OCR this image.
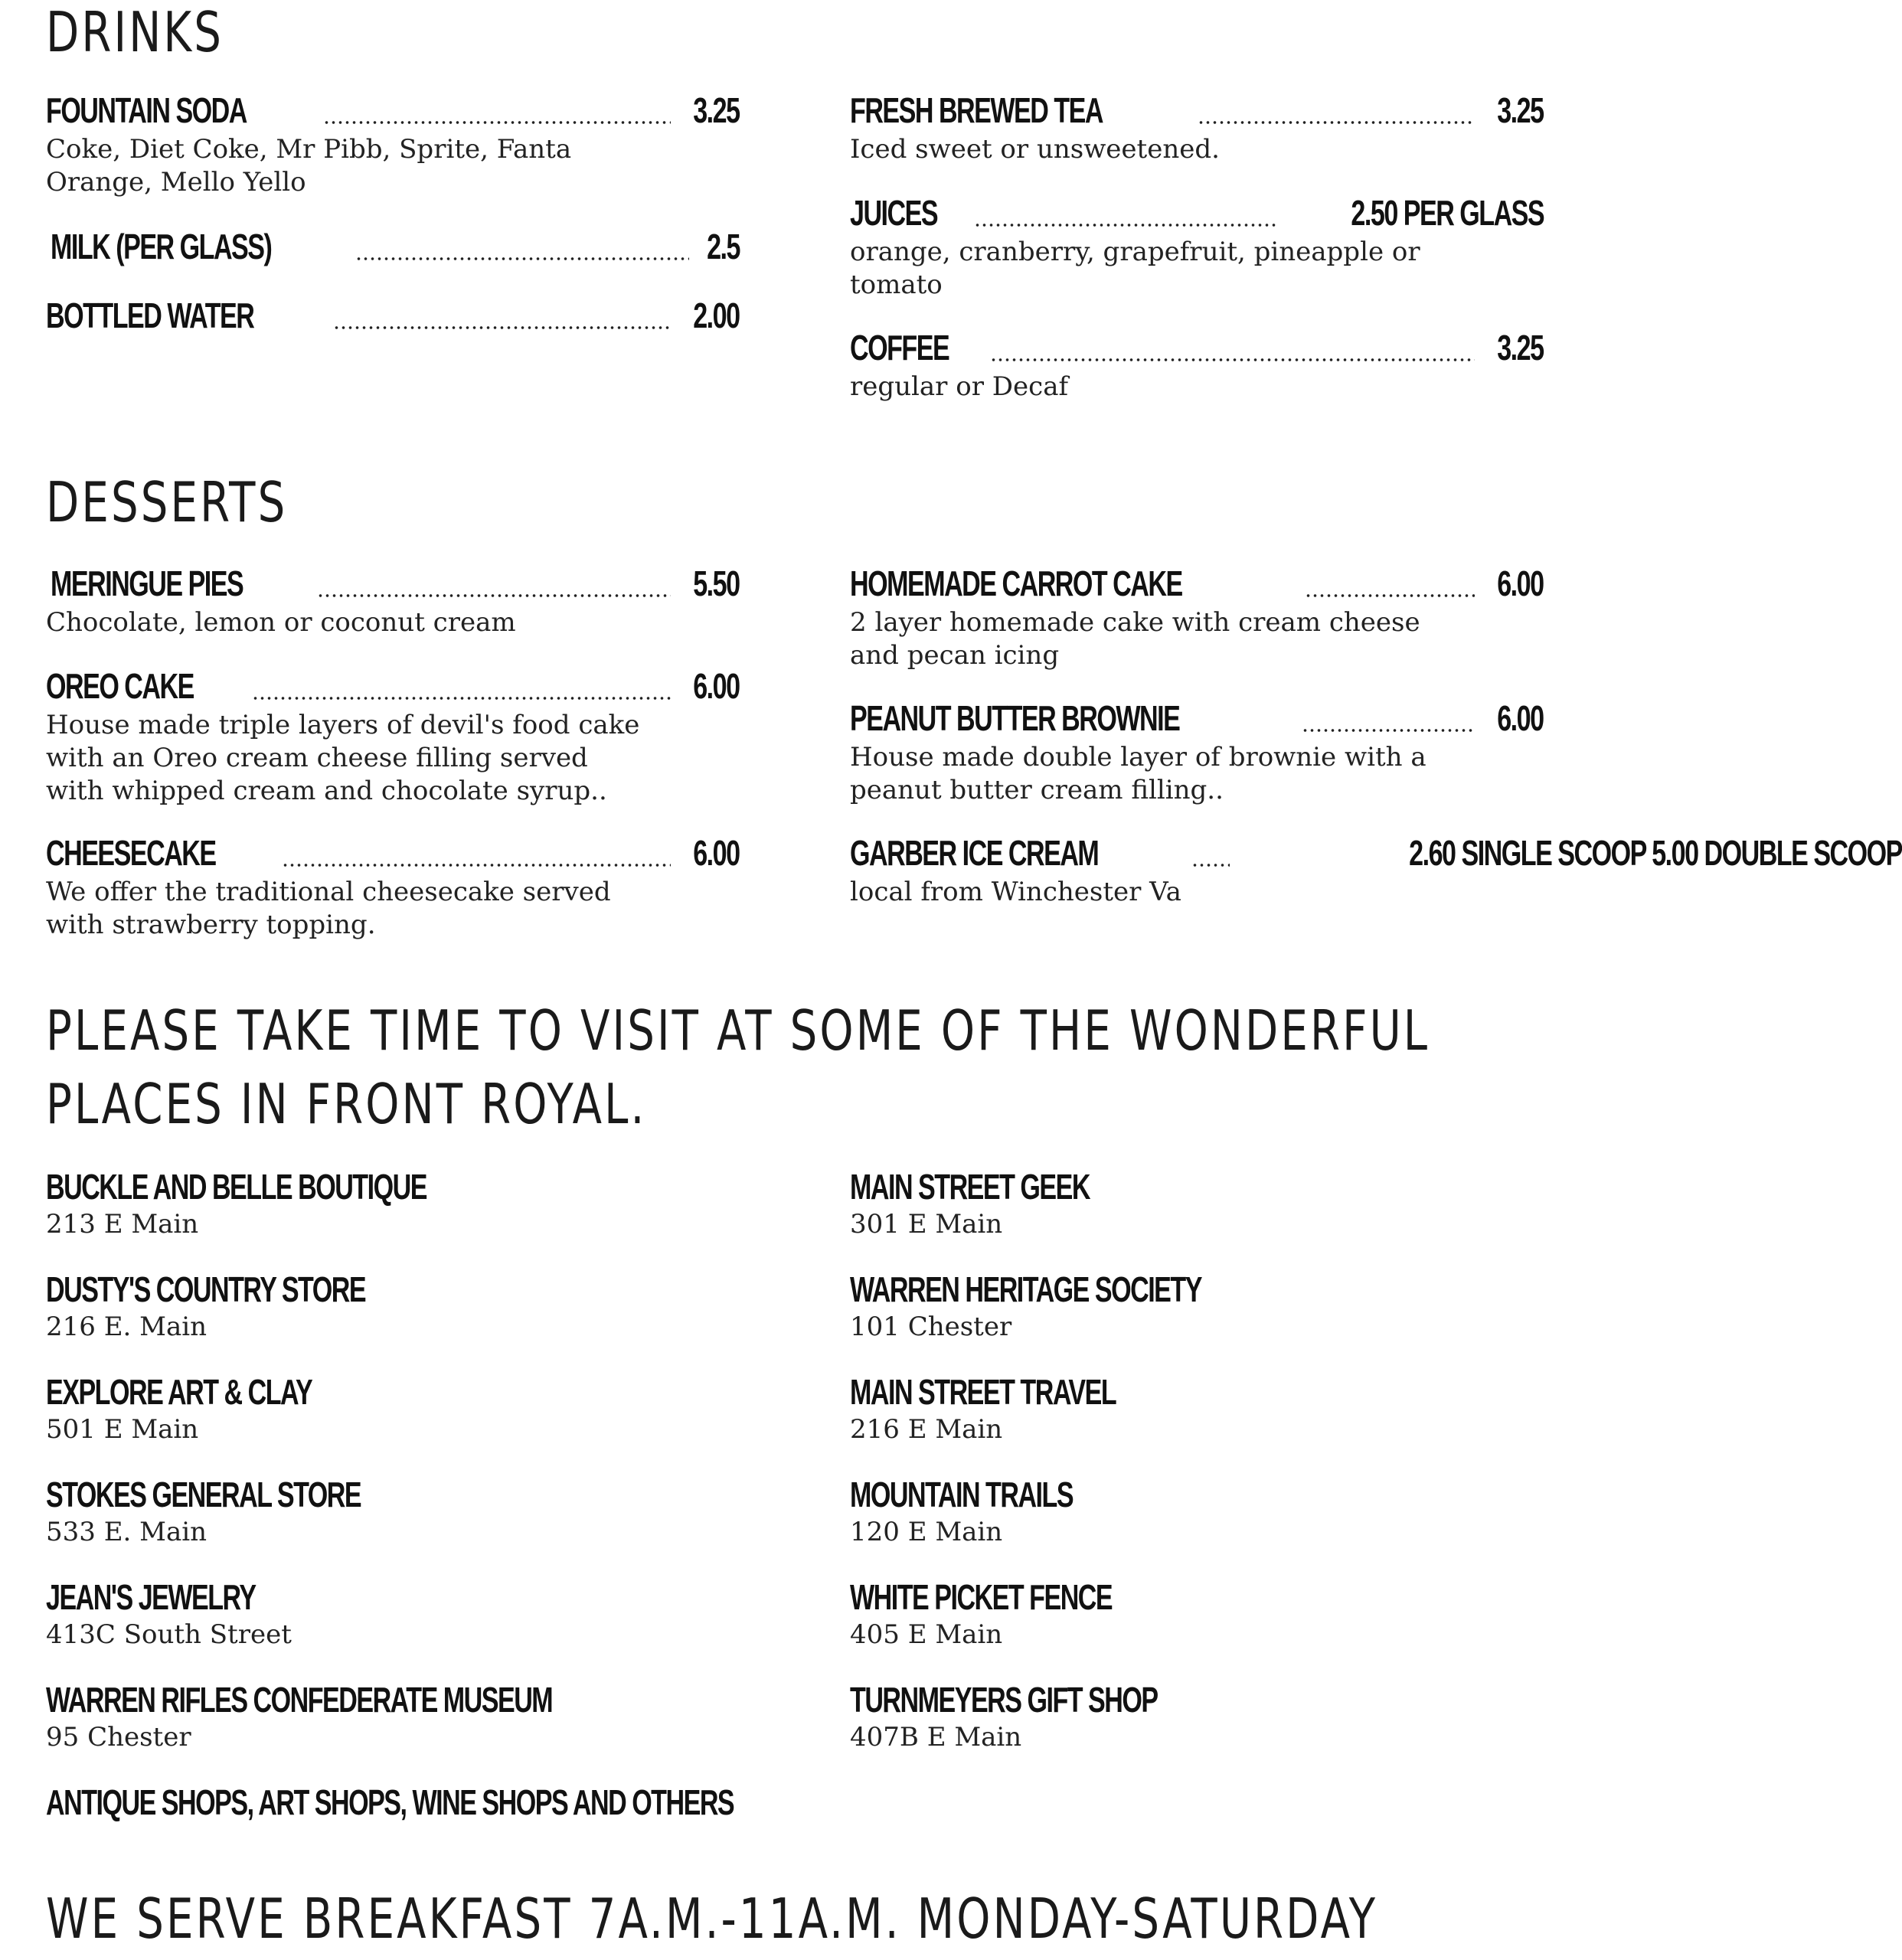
DRINKS
FOUNTAIN SODA	3.25
Coke, Diet Coke, Mr Pibb, Sprite, Fanta Orange, Mello Yello
MILK (PER GLASS)	2.5
BOTTLED WATER	2.00
FRESH BREWED TEA	3.25
Iced sweet or unsweetened.
JUICES	2.50 PER GLASS
orange, cranberry, grapefruit, pineapple or tomato
COFFEE	3.25
regular or Decaf
DESSERTS
MERINGUE PIES	5.50
Chocolate, lemon or coconut cream
OREO CAKE	6.00
House made triple layers of devil's food cake with an Oreo cream cheese filling served with whipped cream and chocolate syrup..
CHEESECAKE	6.00
We offer the traditional cheesecake served with strawberry topping.
HOMEMADE CARROT CAKE	6.00
2 layer homemade cake with cream cheese and pecan icing
PEANUT BUTTER BROWNIE	6.00
House made double layer of brownie with a peanut butter cream filling..
GARBER ICE CREAM	2.60 SINGLE SCOOP 5.00 DOUBLE SCOOP
local from Winchester Va
PLEASE TAKE TIME TO VISIT AT SOME OF THE WONDERFUL PLACES IN FRONT ROYAL.
BUCKLE AND BELLE BOUTIQUE
213 E Main
DUSTY'S COUNTRY STORE
216 E. Main
EXPLORE ART & CLAY
501 E Main
STOKES GENERAL STORE
533 E. Main
JEAN'S JEWELRY
413C South Street
WARREN RIFLES CONFEDERATE MUSEUM
95 Chester
ANTIQUE SHOPS, ART SHOPS, WINE SHOPS AND OTHERS
MAIN STREET GEEK
301 E Main
WARREN HERITAGE SOCIETY
101 Chester
MAIN STREET TRAVEL
216 E Main
MOUNTAIN TRAILS
120 E Main
WHITE PICKET FENCE
405 E Main
TURNMEYERS GIFT SHOP
407B E Main
WE SERVE BREAKFAST 7A.M.-11A.M. MONDAY-SATURDAY
